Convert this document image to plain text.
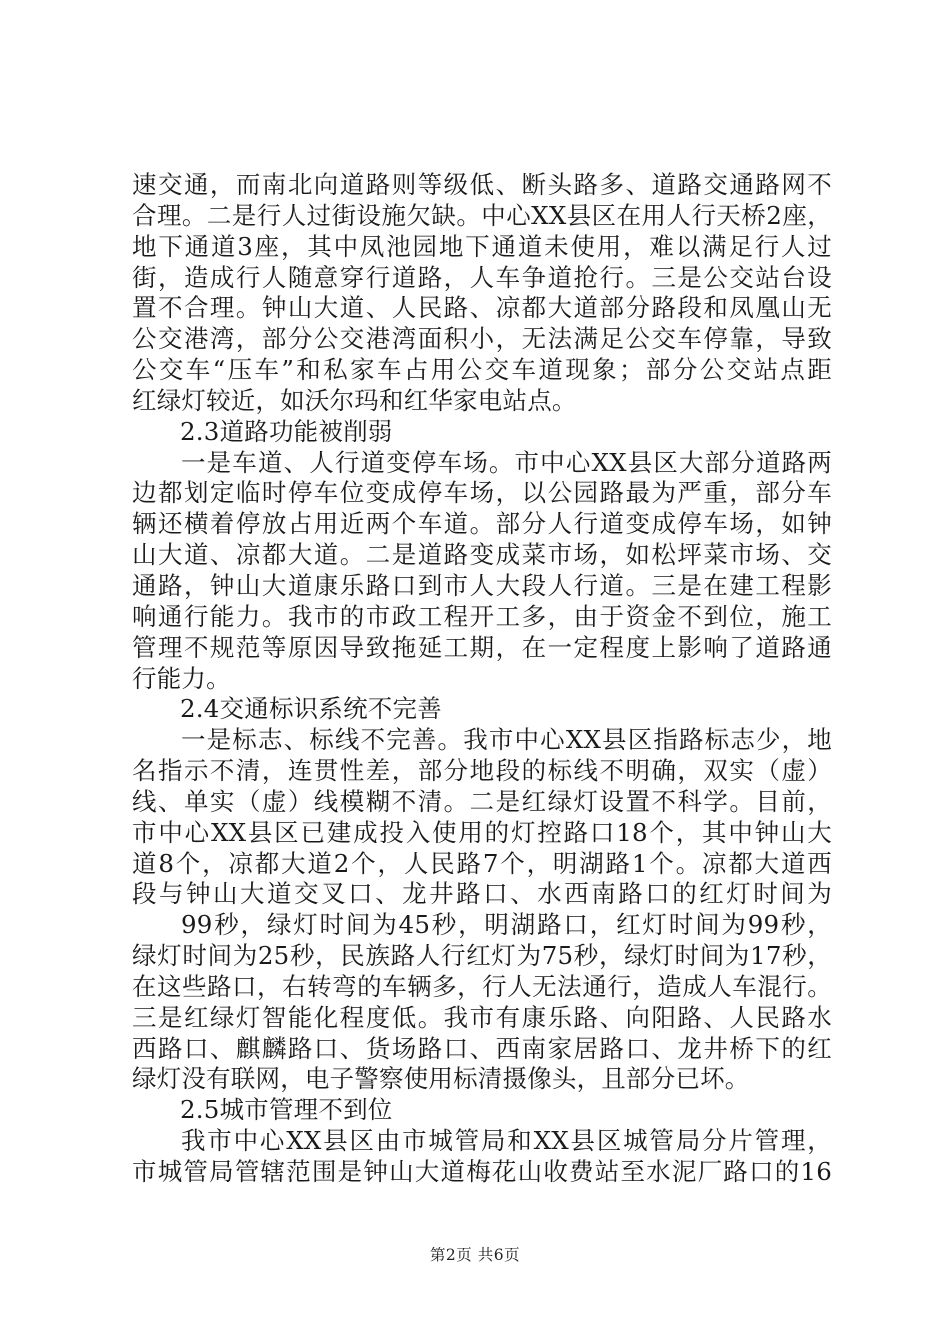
速交通，而南北向道路则等级低、断头路多、道路交通路网不
合理。二是行人过街设施欠缺。中心XX县区在用人行天桥2座，
地下通道3座，其中凤池园地下通道未使用，难以满足行人过
街，造成行人随意穿行道路，人车争道抢行。三是公交站台设
置不合理。钟山大道、人民路、凉都大道部分路段和凤凰山无
公交港湾，部分公交港湾面积小，无法满足公交车停靠，导致
公交车“压车”和私家车占用公交车道现象；部分公交站点距
红绿灯较近，如沃尔玛和红华家电站点。
2.3道路功能被削弱
一是车道、人行道变停车场。市中心XX县区大部分道路两
边都划定临时停车位变成停车场，以公园路最为严重，部分车
辆还横着停放占用近两个车道。部分人行道变成停车场，如钟
山大道、凉都大道。二是道路变成菜市场，如松坪菜市场、交
通路，钟山大道康乐路口到市人大段人行道。三是在建工程影
响通行能力。我市的市政工程开工多，由于资金不到位，施工
管理不规范等原因导致拖延工期，在一定程度上影响了道路通
行能力。
2.4交通标识系统不完善
一是标志、标线不完善。我市中心XX县区指路标志少，地
名指示不清，连贯性差，部分地段的标线不明确，双实（虚）
线、单实（虚）线模糊不清。二是红绿灯设置不科学。目前，
市中心XX县区已建成投入使用的灯控路口18个，其中钟山大
道8个，凉都大道2个，人民路7个，明湖路1个。凉都大道西
段与钟山大道交叉口、龙井路口、水西南路口的红灯时间为
99秒，绿灯时间为45秒，明湖路口，红灯时间为99秒，
绿灯时间为25秒，民族路人行红灯为75秒，绿灯时间为17秒，
在这些路口，右转弯的车辆多，行人无法通行，造成人车混行。
三是红绿灯智能化程度低。我市有康乐路、向阳路、人民路水
西路口、麒麟路口、货场路口、西南家居路口、龙井桥下的红
绿灯没有联网，电子警察使用标清摄像头，且部分已坏。
2.5城市管理不到位
我市中心XX县区由市城管局和XX县区城管局分片管理，
市城管局管辖范围是钟山大道梅花山收费站至水泥厂路口的16
第2页 共6页
